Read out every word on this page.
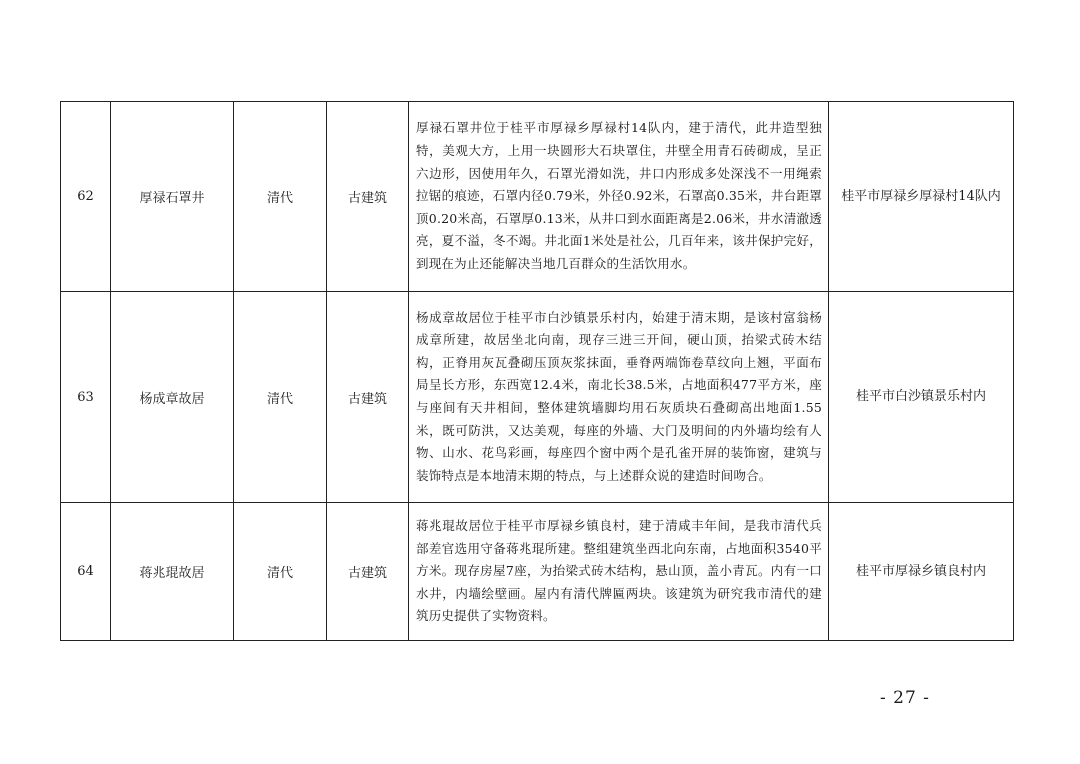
62	厚禄石罩井	清代	古建筑	厚禄石罩井位于桂平市厚禄乡厚禄村14队内，建于清代，此井造型独特，美观大方，上用一块圆形大石块罩住，井壁全用青石砖砌成，呈正六边形，因使用年久，石罩光滑如洗，井口内形成多处深浅不一用绳索拉锯的痕迹，石罩内径0.79米，外径0.92米，石罩高0.35米，井台距罩顶0.20米高，石罩厚0.13米，从井口到水面距离是2.06米，井水清澈透亮，夏不溢，冬不竭。井北面1米处是社公，几百年来，该井保护完好，到现在为止还能解决当地几百群众的生活饮用水。	桂平市厚禄乡厚禄村14队内
63	杨成章故居	清代	古建筑	杨成章故居位于桂平市白沙镇景乐村内，始建于清末期，是该村富翁杨成章所建，故居坐北向南，现存三进三开间，硬山顶，抬梁式砖木结构，正脊用灰瓦叠砌压顶灰浆抹面，垂脊两端饰卷草纹向上翘，平面布局呈长方形，东西宽12.4米，南北长38.5米，占地面积477平方米，座与座间有天井相间，整体建筑墙脚均用石灰质块石叠砌高出地面1.55米，既可防洪，又达美观，每座的外墙、大门及明间的内外墙均绘有人物、山水、花鸟彩画，每座四个窗中两个是孔雀开屏的装饰窗，建筑与装饰特点是本地清末期的特点，与上述群众说的建造时间吻合。	桂平市白沙镇景乐村内
64	蒋兆琨故居	清代	古建筑	蒋兆琨故居位于桂平市厚禄乡镇良村，建于清咸丰年间，是我市清代兵部差官选用守备蒋兆琨所建。整组建筑坐西北向东南，占地面积3540平方米。现存房屋7座，为抬梁式砖木结构，悬山顶，盖小青瓦。内有一口水井，内墙绘壁画。屋内有清代牌匾两块。该建筑为研究我市清代的建筑历史提供了实物资料。	桂平市厚禄乡镇良村内
- 27 -
